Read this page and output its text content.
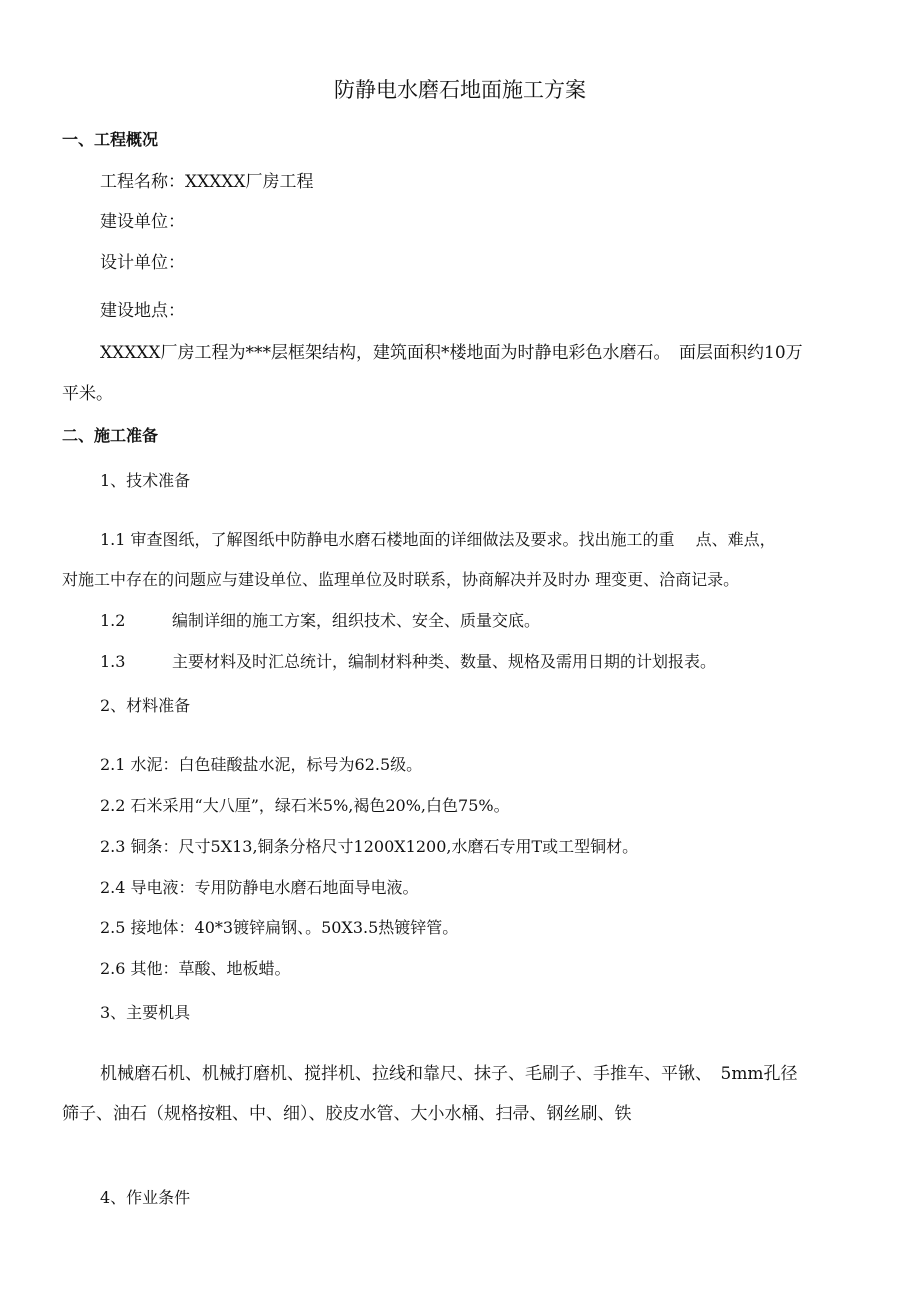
防静电水磨石地面施工方案

一、工程概况

工程名称：XXXXX厂房工程

建设单位：

设计单位：

建设地点：

XXXXX厂房工程为***层框架结构，建筑面积*楼地面为时静电彩色水磨石。　面层面积约10万

平米。

二、施工准备

1、技术准备

1.1 审查图纸，了解图纸中防静电水磨石楼地面的详细做法及要求。找出施工的重　 点、难点，

对施工中存在的问题应与建设单位、监理单位及时联系，协商解决并及时办 理变更、洽商记录。

1.2	编制详细的施工方案，组织技术、安全、质量交底。

1.3	主要材料及时汇总统计，编制材料种类、数量、规格及需用日期的计划报表。

2、材料准备

2.1 水泥：白色硅酸盐水泥，标号为62.5级。

2.2 石米采用“大八厘”，绿石米5%,褐色20%,白色75%。

2.3 铜条：尺寸5X13,铜条分格尺寸1200X1200,水磨石专用T或工型铜材。

2.4 导电液：专用防静电水磨石地面导电液。

2.5 接地体：40*3镀锌扁钢、。50X3.5热镀锌管。

2.6 其他：草酸、地板蜡。

3、主要机具

机械磨石机、机械打磨机、搅拌机、拉线和靠尺、抹子、毛刷子、手推车、平锹、　5mm孔径

筛子、油石（规格按粗、中、细）、胶皮水管、大小水桶、扫帚、钢丝刷、铁

4、作业条件
